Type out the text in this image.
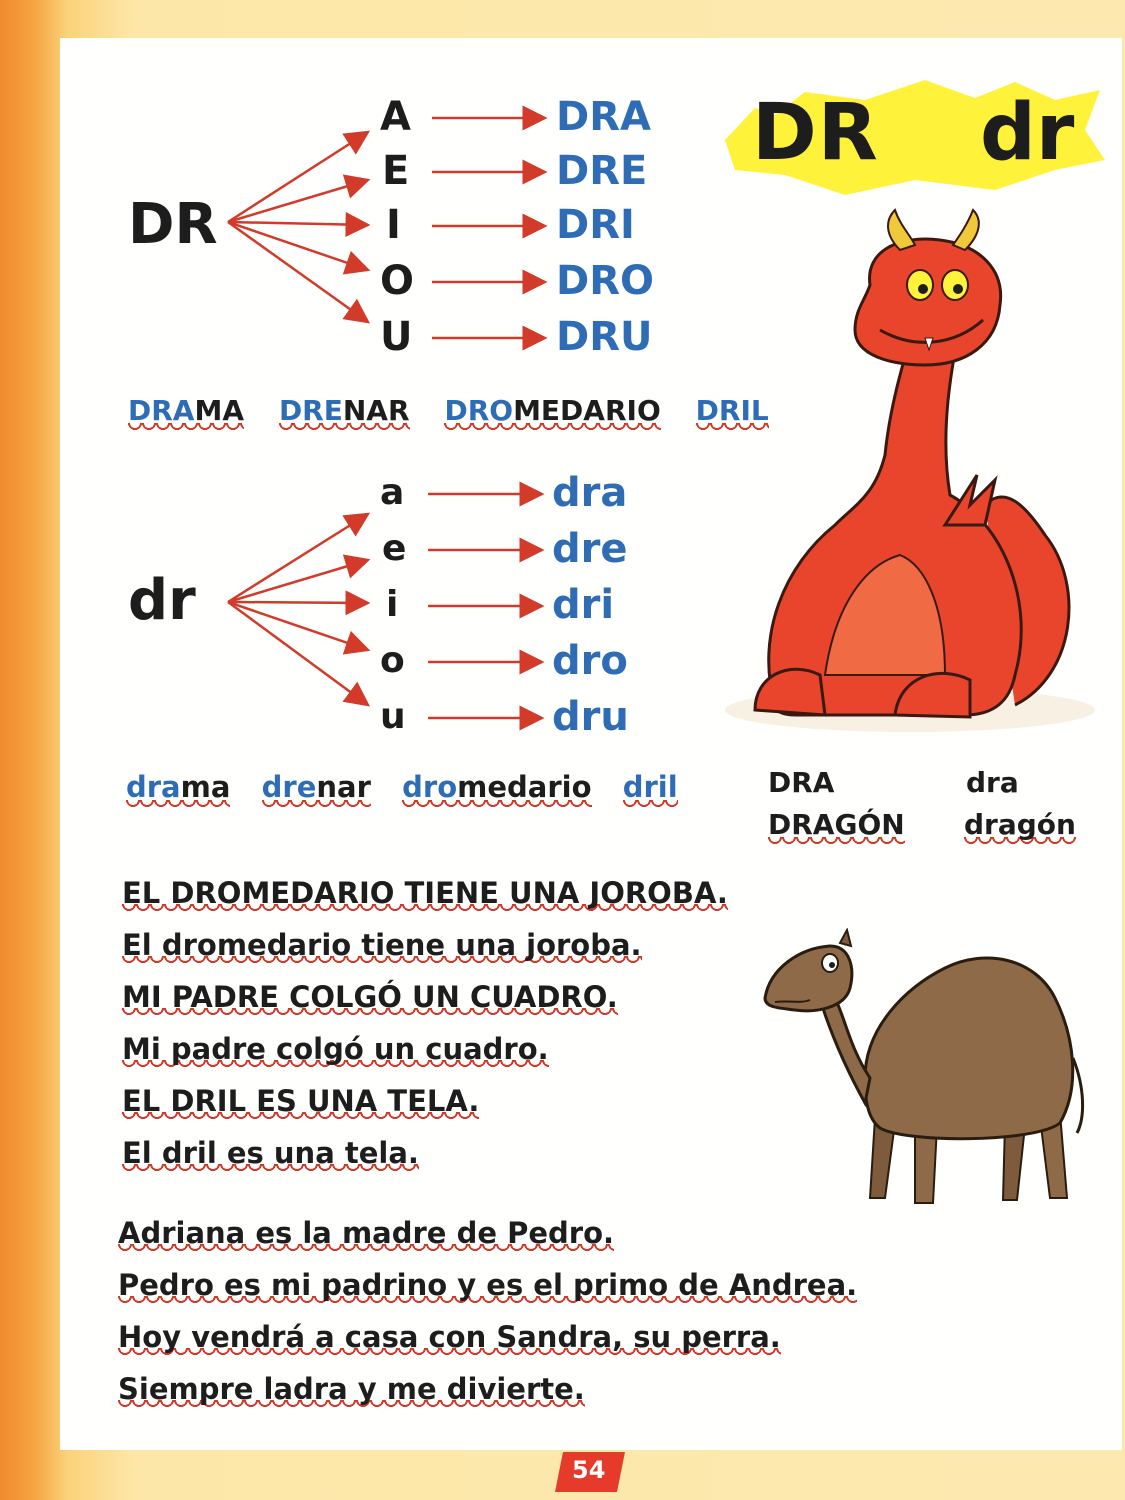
DR dr
DR
A
E
I
O
U
DRA
DRE
DRI
DRO
DRU
DRAMA DRENAR DROMEDARIO DRIL
dr
a
e
i
o
u
dra
dre
dri
dro
dru
drama drenar dromedario dril	DRA	dra
DRAGÓN dragón
EL DROMEDARIO TIENE UNA JOROBA.
El dromedario tiene una joroba.
MI PADRE COLGÓ UN CUADRO.
Mi padre colgó un cuadro.
EL DRIL ES UNA TELA.
El dril es una tela.
Adriana es la madre de Pedro.
Pedro es mi padrino y es el primo de Andrea.
Hoy vendrá a casa con Sandra, su perra.
Siempre ladra y me divierte.
54
